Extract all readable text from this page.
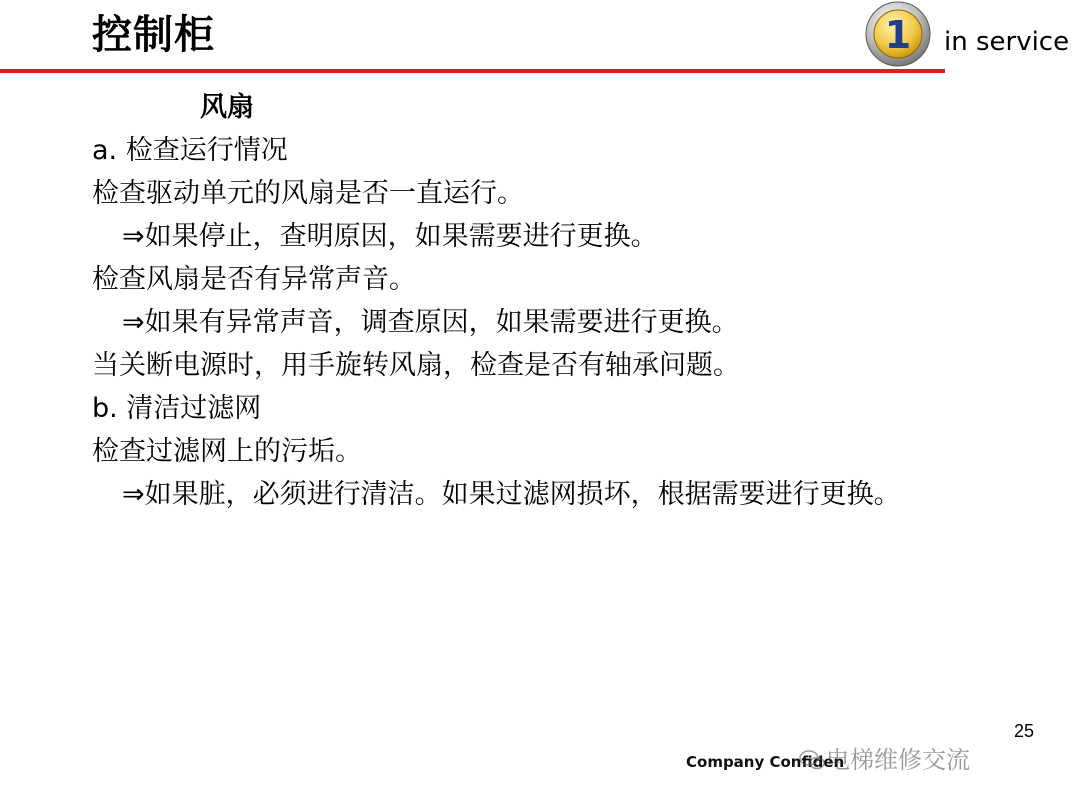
控制柜	1 in service
风扇
a. 检查运行情况
检查驱动单元的风扇是否一直运行。
⇒如果停止，查明原因，如果需要进行更换。
检查风扇是否有异常声音。
⇒如果有异常声音，调查原因，如果需要进行更换。
当关断电源时，用手旋转风扇，检查是否有轴承问题。
b. 清洁过滤网
检查过滤网上的污垢。
⇒如果脏，必须进行清洁。如果过滤网损坏，根据需要进行更换。
25
Company Confiden
电梯维修交流
